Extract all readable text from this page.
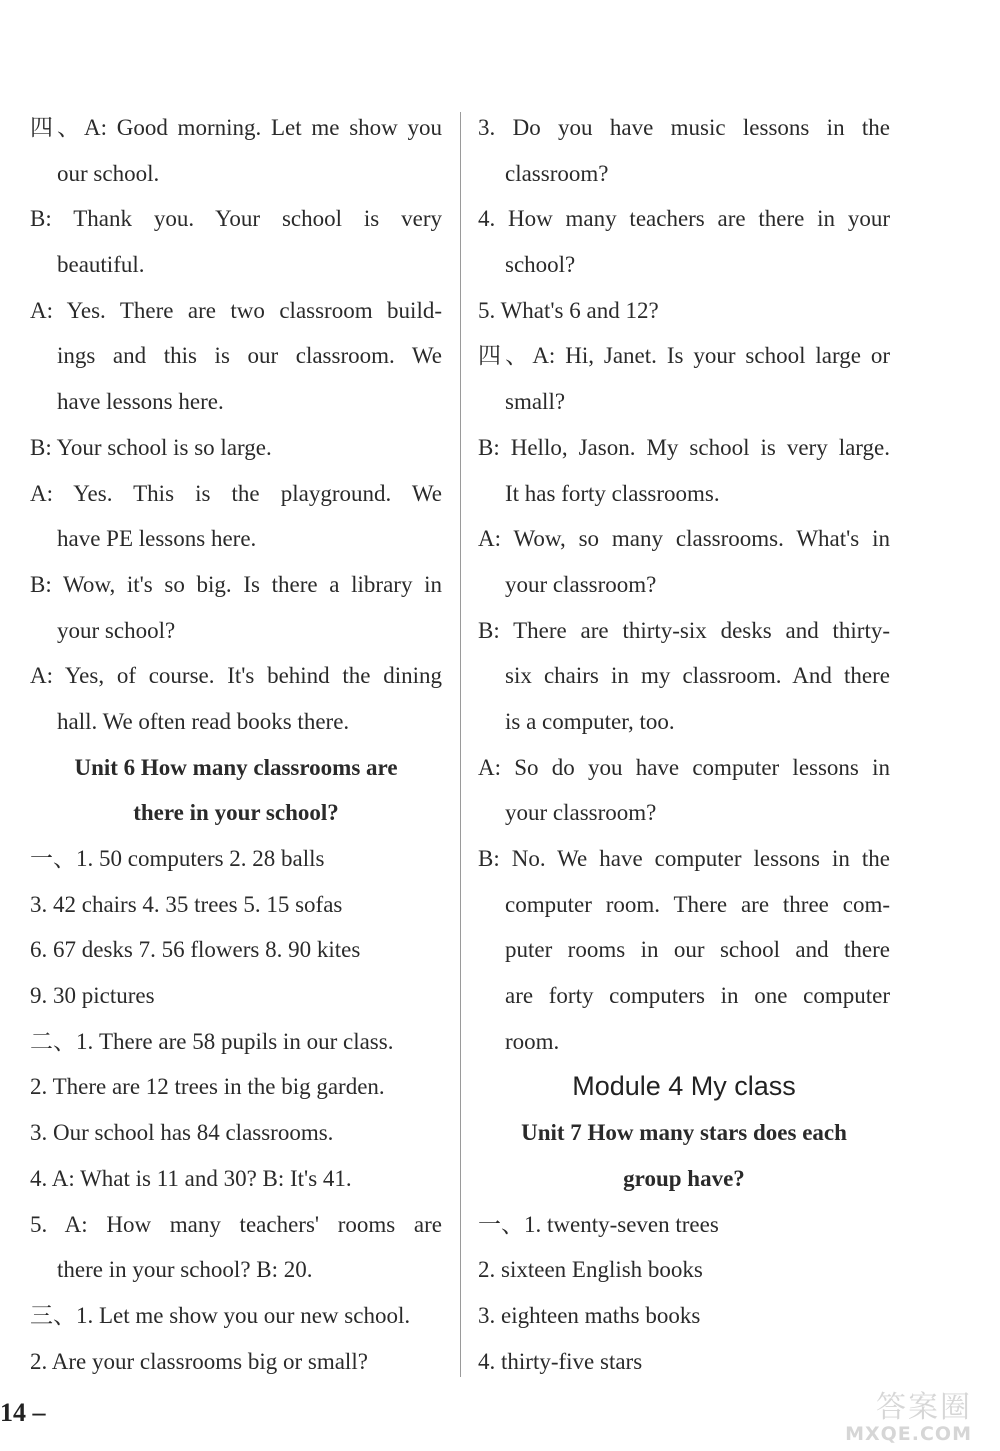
四、A: Good morning. Let me show you
our school.
B: Thank you. Your school is very
beautiful.
A: Yes. There are two classroom build-
ings and this is our classroom. We
have lessons here.
B: Your school is so large.
A: Yes. This is the playground. We
have PE lessons here.
B: Wow, it's so big. Is there a library in
your school?
A: Yes, of course. It's behind the dining
hall. We often read books there.
Unit 6 How many classrooms are
there in your school?
一、1. 50 computers 2. 28 balls
3. 42 chairs 4. 35 trees 5. 15 sofas
6. 67 desks 7. 56 flowers 8. 90 kites
9. 30 pictures
二、1. There are 58 pupils in our class.
2. There are 12 trees in the big garden.
3. Our school has 84 classrooms.
4. A: What is 11 and 30? B: It's 41.
5. A: How many teachers' rooms are
there in your school? B: 20.
三、1. Let me show you our new school.
2. Are your classrooms big or small?
3. Do you have music lessons in the
classroom?
4. How many teachers are there in your
school?
5. What's 6 and 12?
四、A: Hi, Janet. Is your school large or
small?
B: Hello, Jason. My school is very large.
It has forty classrooms.
A: Wow, so many classrooms. What's in
your classroom?
B: There are thirty-six desks and thirty-
six chairs in my classroom. And there
is a computer, too.
A: So do you have computer lessons in
your classroom?
B: No. We have computer lessons in the
computer room. There are three com-
puter rooms in our school and there
are forty computers in one computer
room.
Module 4 My class
Unit 7 How many stars does each
group have?
一、1. twenty-seven trees
2. sixteen English books
3. eighteen maths books
4. thirty-five stars
14 –	答案圈
MXQE.COM
